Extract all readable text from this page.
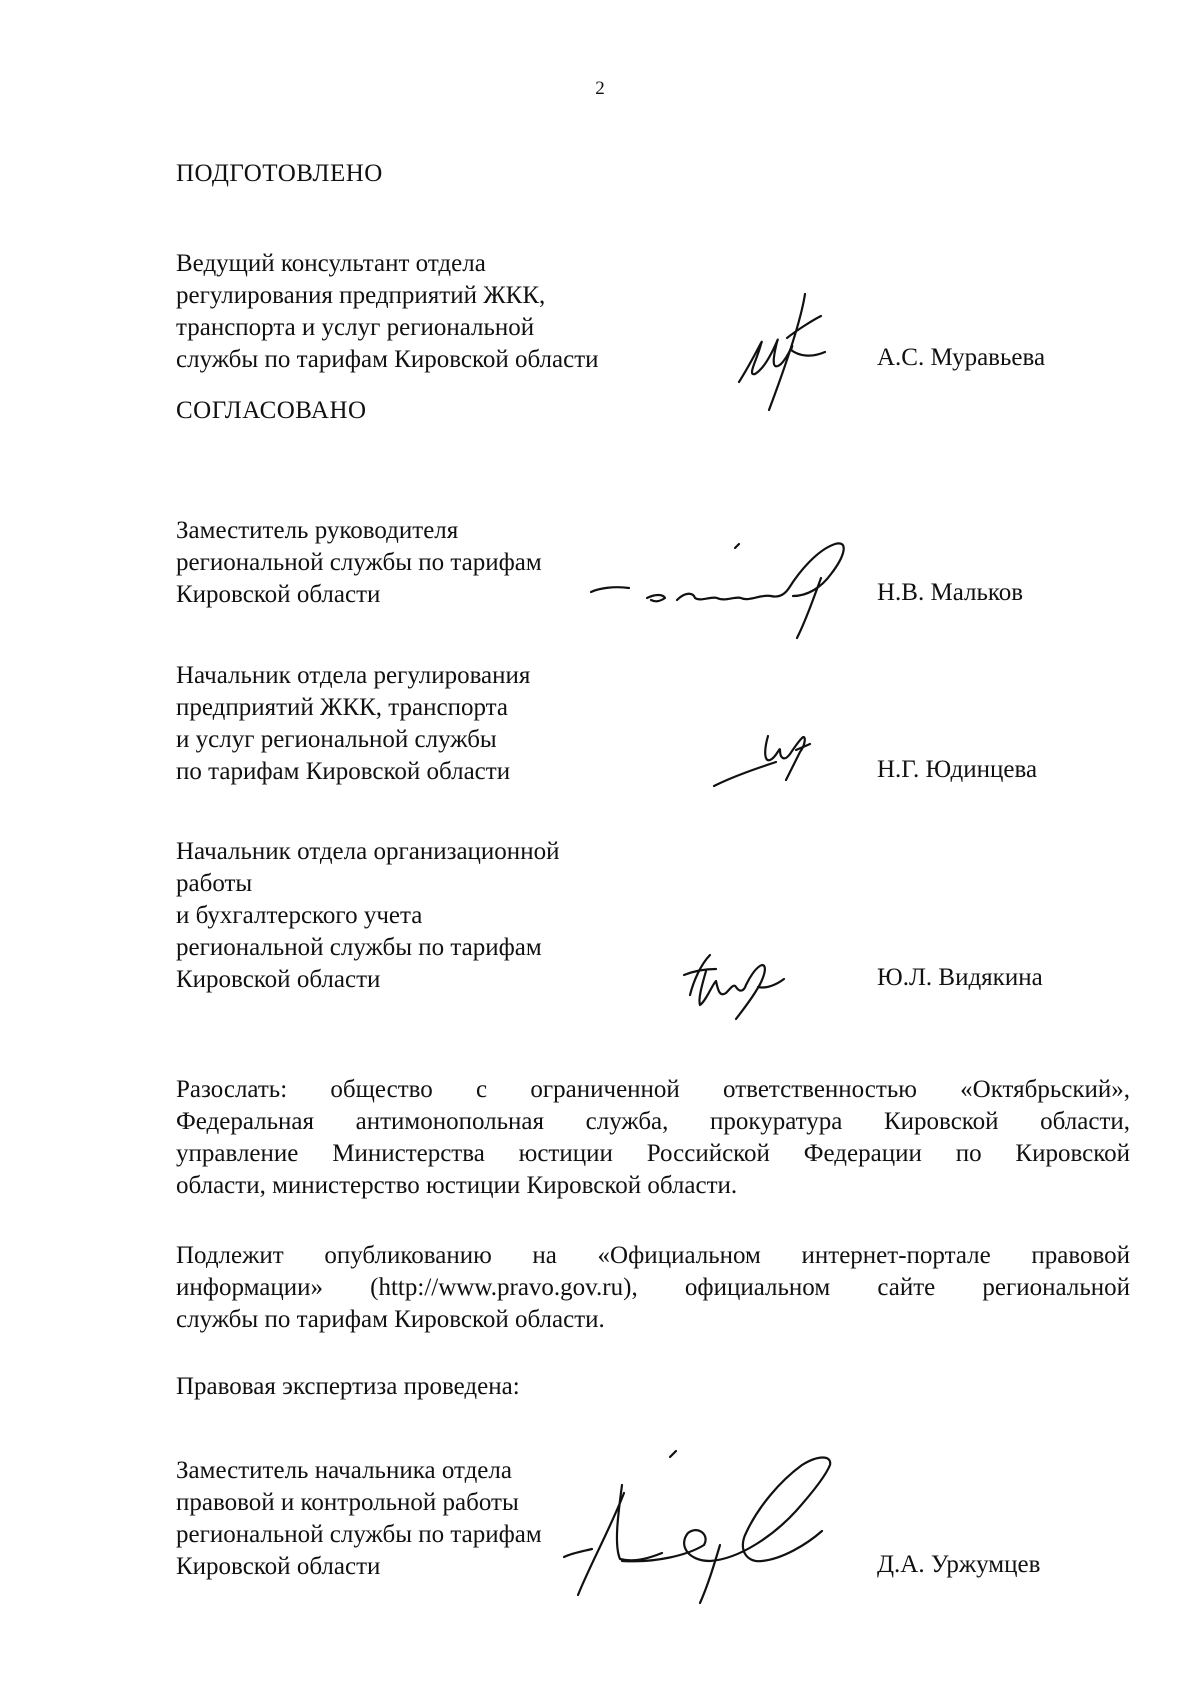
2
ПОДГОТОВЛЕНО
Ведущий консультант отдела
регулирования предприятий ЖКК,
транспорта и услуг региональной
службы по тарифам Кировской области	А.С. Муравьева
СОГЛАСОВАНО
Заместитель руководителя
региональной службы по тарифам
Кировской области	Н.В. Мальков
Начальник отдела регулирования
предприятий ЖКК, транспорта
и услуг региональной службы
по тарифам Кировской области	Н.Г. Юдинцева
Начальник отдела организационной
работы
и бухгалтерского учета
региональной службы по тарифам
Кировской области	Ю.Л. Видякина
Разослать: общество с ограниченной ответственностью «Октябрьский»,
Федеральная антимонопольная служба, прокуратура Кировской области,
управление Министерства юстиции Российской Федерации по Кировской
области, министерство юстиции Кировской области.
Подлежит опубликованию на «Официальном интернет-портале правовой
информации» (http://www.pravo.gov.ru), официальном сайте региональной
службы по тарифам Кировской области.
Правовая экспертиза проведена:
Заместитель начальника отдела
правовой и контрольной работы
региональной службы по тарифам
Кировской области	Д.А. Уржумцев
